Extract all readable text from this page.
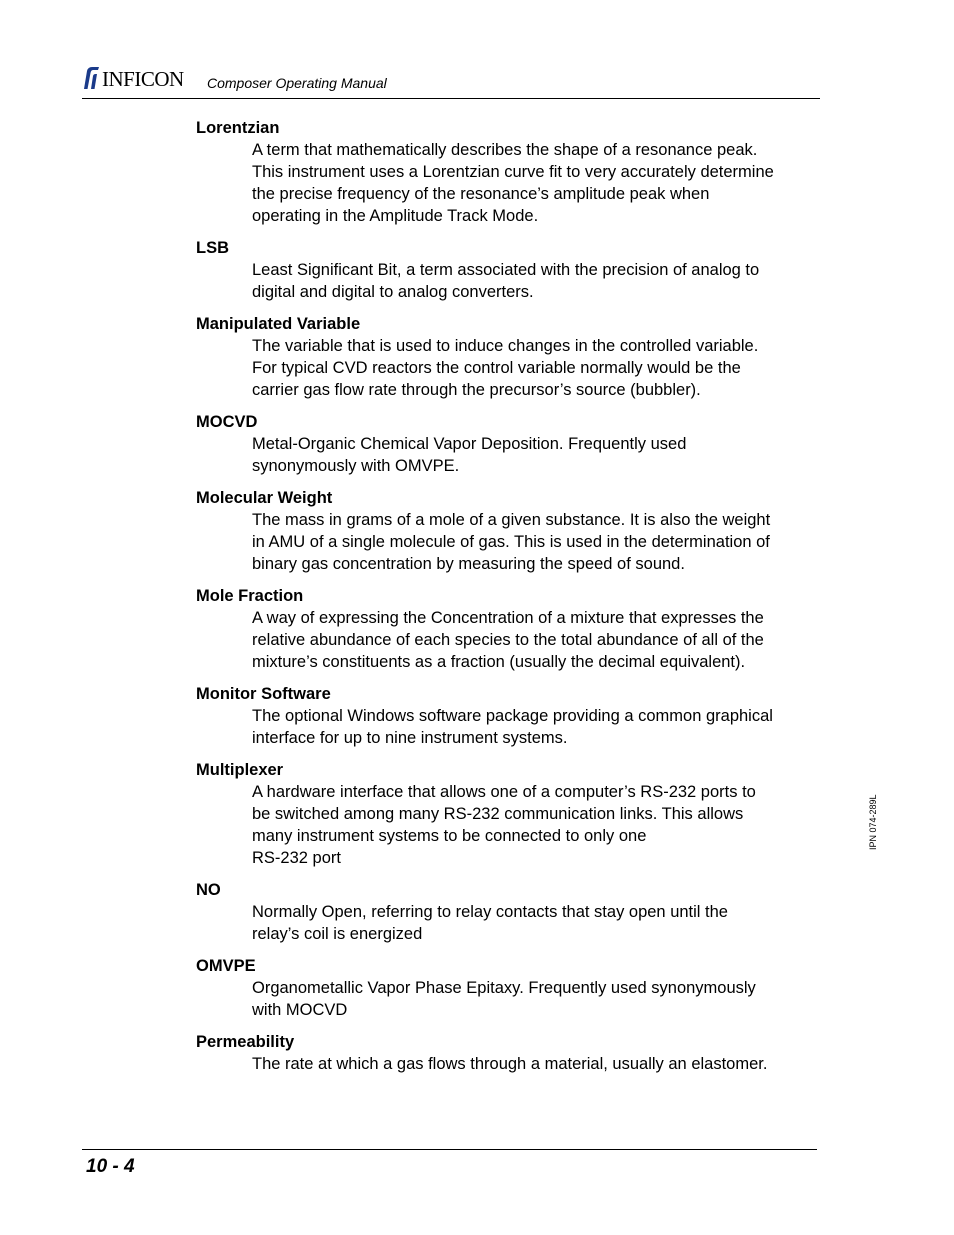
INFICON Composer Operating Manual
Lorentzian
A term that mathematically describes the shape of a resonance peak.
This instrument uses a Lorentzian curve fit to very accurately determine
the precise frequency of the resonance’s amplitude peak when
operating in the Amplitude Track Mode.
LSB
Least Significant Bit, a term associated with the precision of analog to
digital and digital to analog converters.
Manipulated Variable
The variable that is used to induce changes in the controlled variable.
For typical CVD reactors the control variable normally would be the
carrier gas flow rate through the precursor’s source (bubbler).
MOCVD
Metal-Organic Chemical Vapor Deposition. Frequently used
synonymously with OMVPE.
Molecular Weight
The mass in grams of a mole of a given substance. It is also the weight
in AMU of a single molecule of gas. This is used in the determination of
binary gas concentration by measuring the speed of sound.
Mole Fraction
A way of expressing the Concentration of a mixture that expresses the
relative abundance of each species to the total abundance of all of the
mixture’s constituents as a fraction (usually the decimal equivalent).
Monitor Software
The optional Windows software package providing a common graphical
interface for up to nine instrument systems.
Multiplexer
A hardware interface that allows one of a computer’s RS-232 ports to
be switched among many RS-232 communication links. This allows
many instrument systems to be connected to only one
RS-232 port
NO
Normally Open, referring to relay contacts that stay open until the
relay’s coil is energized
OMVPE
Organometallic Vapor Phase Epitaxy. Frequently used synonymously
with MOCVD
Permeability
The rate at which a gas flows through a material, usually an elastomer.
IPN 074-289L
10 - 4
